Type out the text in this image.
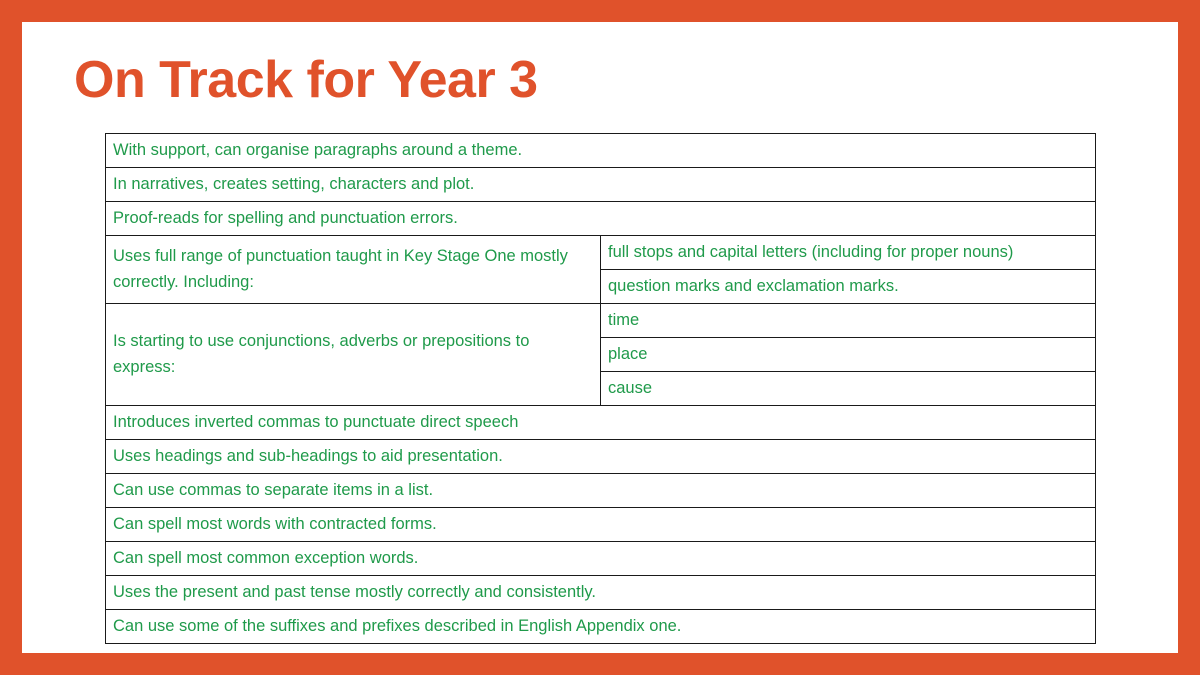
On Track for Year 3
With support, can organise paragraphs around a theme.	
In narratives, creates setting, characters and plot.	
Proof-reads for spelling and punctuation errors.	
Uses full range of punctuation taught in Key Stage One mostly correctly. Including:	full stops and capital letters (including for proper nouns)
	question marks and exclamation marks.
Is starting to use conjunctions, adverbs or prepositions to express:	time
	place
	cause
Introduces inverted commas to punctuate direct speech	
Uses headings and sub-headings to aid presentation.	
Can use commas to separate items in a list.	
Can spell most words with contracted forms.	
Can spell most common exception words.	
Uses the present and past tense mostly correctly and consistently.	
Can use some of the suffixes and prefixes described in English Appendix one.	
